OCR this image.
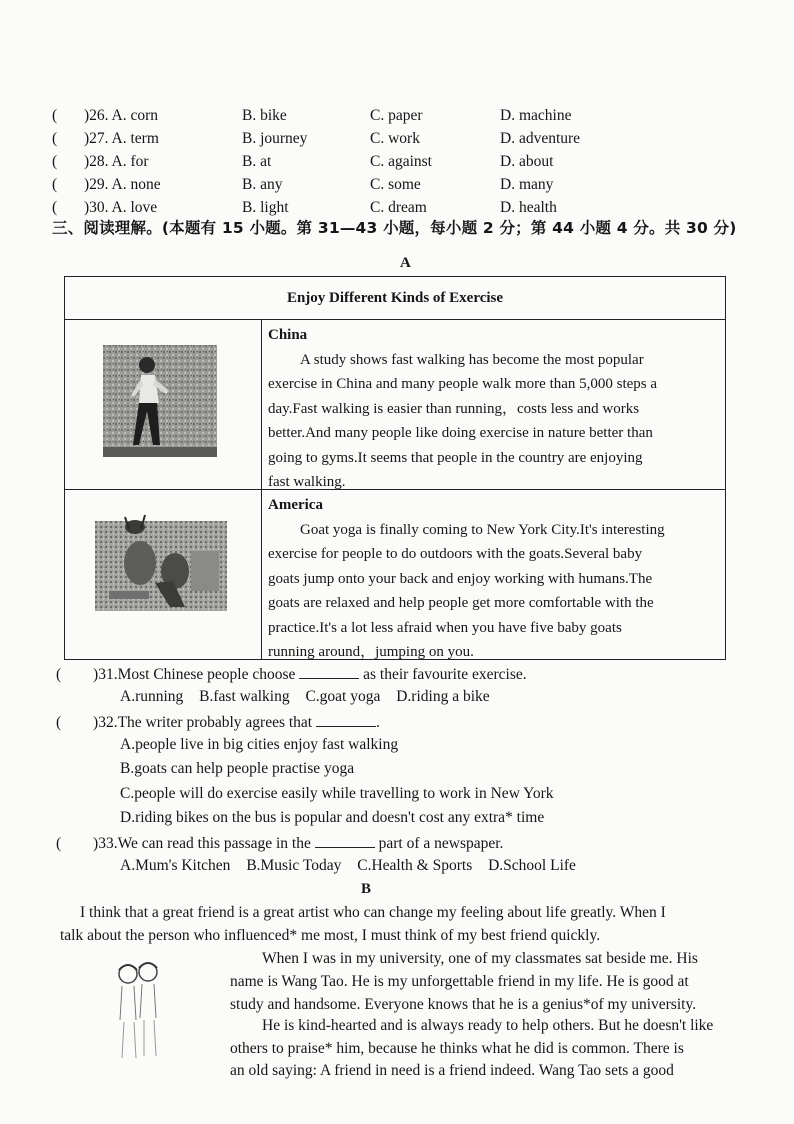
( )26. A. corn	B. bike	C. paper	D. machine
( )27. A. term	B. journey	C. work	D. adventure
( )28. A. for	B. at	C. against	D. about
( )29. A. none	B. any	C. some	D. many
( )30. A. love	B. light	C. dream	D. health
三、阅读理解。(本题有 15 小题。第 31—43 小题，每小题 2 分；第 44 小题 4 分。共 30 分)
A
Enjoy Different Kinds of Exercise
China
A study shows fast walking has become the most popular
exercise in China and many people walk more than 5,000 steps a
day.Fast walking is easier than running，costs less and works
better.And many people like doing exercise in nature better than
going to gyms.It seems that people in the country are enjoying
fast walking.
America
Goat yoga is finally coming to New York City.It's interesting
exercise for people to do outdoors with the goats.Several baby
goats jump onto your back and enjoy working with humans.The
goats are relaxed and help people get more comfortable with the
practice.It's a lot less afraid when you have five baby goats
running around，jumping on you.
( )31.Most Chinese people choose	as their favourite exercise.
A.running B.fast walking C.goat yoga D.riding a bike
( )32.The writer probably agrees that	.
A.people live in big cities enjoy fast walking
B.goats can help people practise yoga
C.people will do exercise easily while travelling to work in New York
D.riding bikes on the bus is popular and doesn't cost any extra* time
( )33.We can read this passage in the	part of a newspaper.
A.Mum's Kitchen B.Music Today C.Health & Sports D.School Life
B
I think that a great friend is a great artist who can change my feeling about life greatly. When I
talk about the person who influenced* me most, I must think of my best friend quickly.
When I was in my university, one of my classmates sat beside me. His
name is Wang Tao. He is my unforgettable friend in my life. He is good at
study and handsome. Everyone knows that he is a genius*of my university.
He is kind-hearted and is always ready to help others. But he doesn't like
others to praise* him, because he thinks what he did is common. There is
an old saying: A friend in need is a friend indeed. Wang Tao sets a good
